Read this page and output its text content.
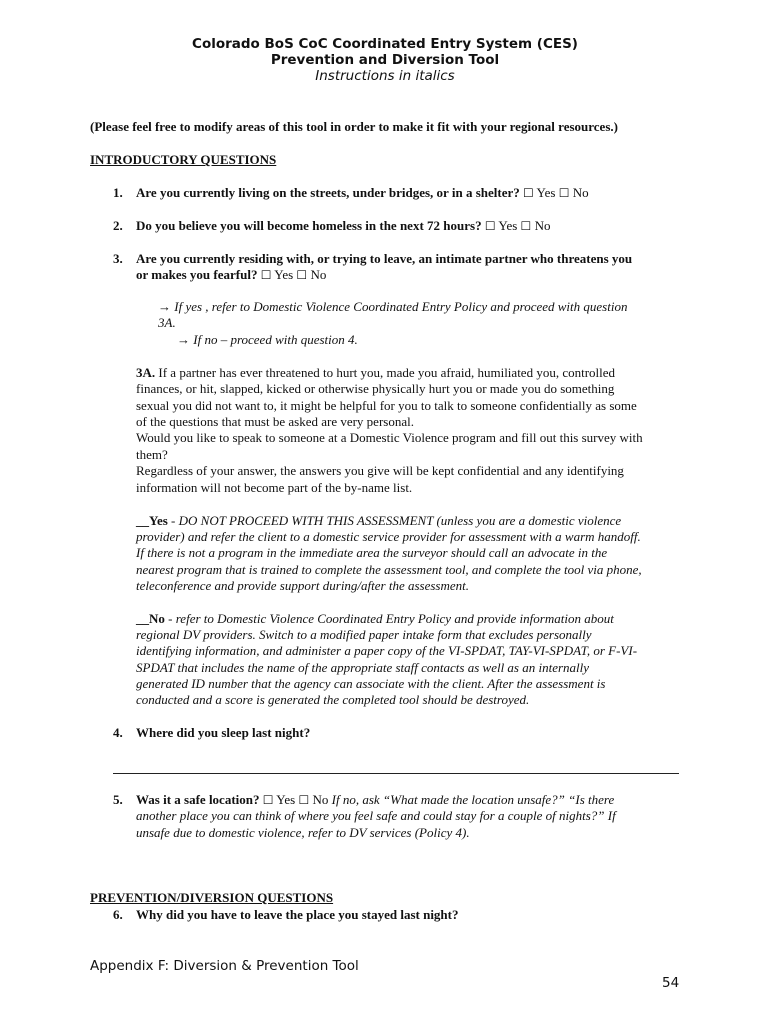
Colorado BoS CoC Coordinated Entry System (CES)
Prevention and Diversion Tool
Instructions in italics
(Please feel free to modify areas of this tool in order to make it fit with your regional resources.)
INTRODUCTORY QUESTIONS
1. Are you currently living on the streets, under bridges, or in a shelter? ☐ Yes ☐ No
2. Do you believe you will become homeless in the next 72 hours? ☐ Yes ☐ No
3. Are you currently residing with, or trying to leave, an intimate partner who threatens you
or makes you fearful? ☐ Yes ☐ No
→ If yes , refer to Domestic Violence Coordinated Entry Policy and proceed with question
3A.
→ If no – proceed with question 4.
3A. If a partner has ever threatened to hurt you, made you afraid, humiliated you, controlled
finances, or hit, slapped, kicked or otherwise physically hurt you or made you do something
sexual you did not want to, it might be helpful for you to talk to someone confidentially as some
of the questions that must be asked are very personal.
Would you like to speak to someone at a Domestic Violence program and fill out this survey with
them?
Regardless of your answer, the answers you give will be kept confidential and any identifying
information will not become part of the by-name list.
__Yes - DO NOT PROCEED WITH THIS ASSESSMENT (unless you are a domestic violence
provider) and refer the client to a domestic service provider for assessment with a warm handoff.
If there is not a program in the immediate area the surveyor should call an advocate in the
nearest program that is trained to complete the assessment tool, and complete the tool via phone,
teleconference and provide support during/after the assessment.
__No - refer to Domestic Violence Coordinated Entry Policy and provide information about
regional DV providers. Switch to a modified paper intake form that excludes personally
identifying information, and administer a paper copy of the VI-SPDAT, TAY-VI-SPDAT, or F-VI-
SPDAT that includes the name of the appropriate staff contacts as well as an internally
generated ID number that the agency can associate with the client. After the assessment is
conducted and a score is generated the completed tool should be destroyed.
4. Where did you sleep last night?
5. Was it a safe location? ☐ Yes ☐ No If no, ask “What made the location unsafe?” “Is there
another place you can think of where you feel safe and could stay for a couple of nights?” If
unsafe due to domestic violence, refer to DV services (Policy 4).
PREVENTION/DIVERSION QUESTIONS
6. Why did you have to leave the place you stayed last night?
Appendix F: Diversion & Prevention Tool
54
